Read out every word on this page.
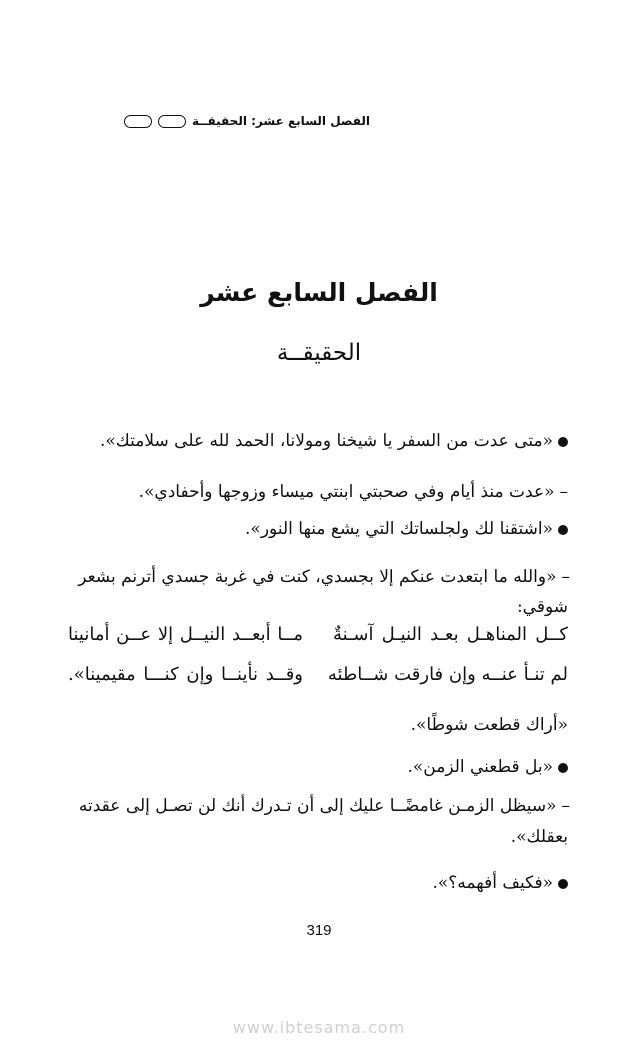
الفصل السابع عشر: الحقيقــة
الفصل السابع عشر
الحقيقــة
«متى عدت من السفر يا شيخنا ومولانا، الحمد لله على سلامتك».
–«عدت منذ أيام وفي صحبتي ابنتي ميساء وزوجها وأحفادي».
«اشتقنا لك ولجلساتك التي يشع منها النور».
–«والله ما ابتعدت عنكم إلا بجسدي، كنت في غربة جسدي أترنم بشعر
شوقي:
كــل المناهـل بعـد النيـل آسـنةٌ
مــا أبعــد النيــل إلا عــن أمانينا
لم تنـأ عنــه وإن فارقت شــاطئه
وقــد نأينــا وإن كنـــا مقيمينا».
«أراك قطعت شوطًا».
«بل قطعني الزمن».
–«سيظل الزمـن غامضًــا عليك إلى أن تـدرك أنك لن تصـل إلى عقدته
بعقلك».
«فكيف أفهمه؟».
319
www.ibtesama.com
